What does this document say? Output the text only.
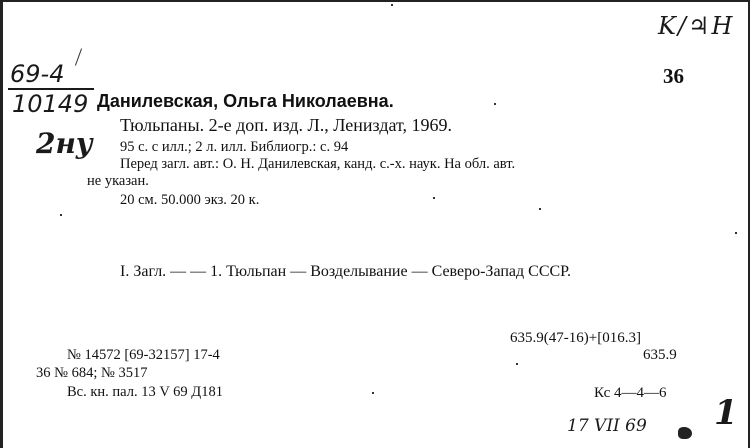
K/♃H
36
69-4
10149
2ну
Данилевская, Ольга Николаевна.
Тюльпаны. 2-е доп. изд. Л., Лениздат, 1969.
95 с. с илл.; 2 л. илл. Библиогр.: с. 94
Перед загл. авт.: О. Н. Данилевская, канд. с.-х. наук. На обл. авт.
не указан.
20 см. 50.000 экз. 20 к.
I. Загл. — — 1. Тюльпан — Возделывание — Северо-Запад СССР.
635.9(47-16)+[016.3]
635.9
№ 14572 [69-32157] 17-4
36 № 684; № 3517
Вс. кн. пал. 13 V 69 Д181	Кс 4—4—6
17 VII 69 1
